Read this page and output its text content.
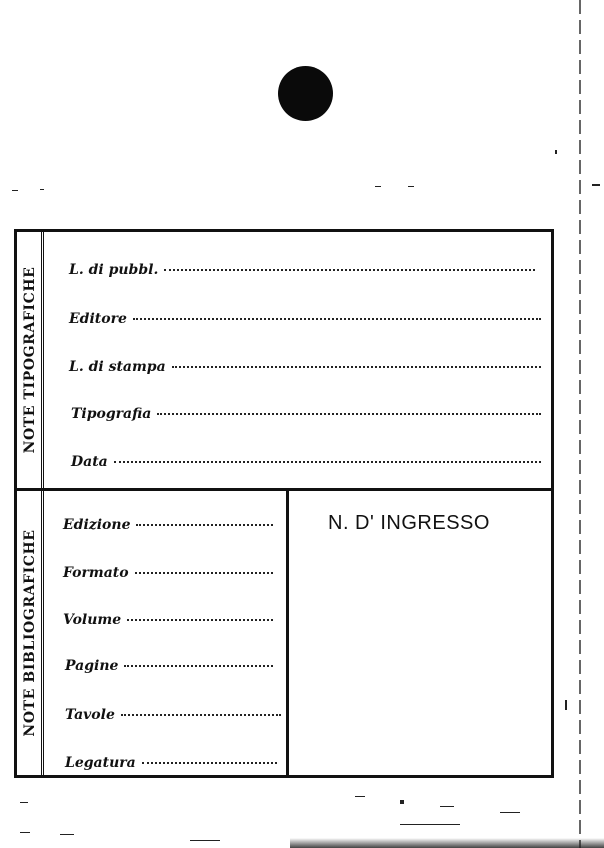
NOTE TIPOGRAFICHE L. di pubbl.
Editore
L. di stampa
Tipografia
Data
NOTE BIBLIOGRAFICHE
Edizione
Formato
Volume
Pagine
Tavole
Legatura
N. D' INGRESSO
